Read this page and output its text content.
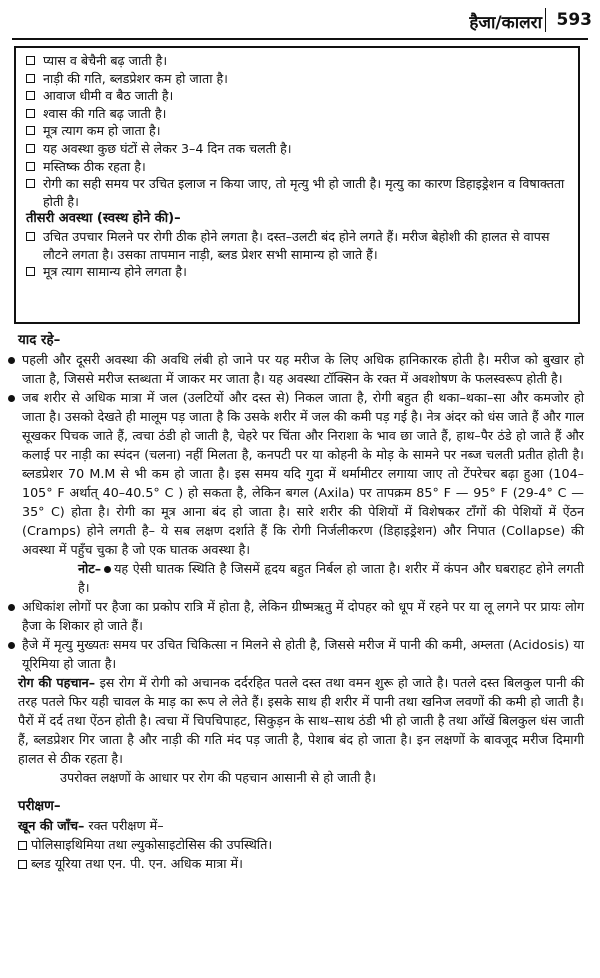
हैजा/कालरा 593
प्यास व बेचैनी बढ़ जाती है।
नाड़ी की गति, ब्लडप्रेशर कम हो जाता है।
आवाज धीमी व बैठ जाती है।
श्वास की गति बढ़ जाती है।
मूत्र त्याग कम हो जाता है।
यह अवस्था कुछ घंटों से लेकर 3–4 दिन तक चलती है।
मस्तिष्क ठीक रहता है।
रोगी का सही समय पर उचित इलाज न किया जाए, तो मृत्यु भी हो जाती है। मृत्यु का कारण डिहाइड्रेशन व विषाक्तता होती है।
तीसरी अवस्था (स्वस्थ होने की)–
उचित उपचार मिलने पर रोगी ठीक होने लगता है। दस्त–उलटी बंद होने लगते हैं। मरीज बेहोशी की हालत से वापस लौटने लगता है। उसका तापमान नाड़ी, ब्लड प्रेशर सभी सामान्य हो जाते हैं।
मूत्र त्याग सामान्य होने लगता है।
याद रहे–
पहली और दूसरी अवस्था की अवधि लंबी हो जाने पर यह मरीज के लिए अधिक हानिकारक होती है। मरीज को बुखार हो जाता है, जिससे मरीज स्तब्धता में जाकर मर जाता है। यह अवस्था टॉक्सिन के रक्त में अवशोषण के फलस्वरूप होती है।
जब शरीर से अधिक मात्रा में जल (उलटियों और दस्त से) निकल जाता है, रोगी बहुत ही थका–थका–सा और कमजोर हो जाता है। उसको देखते ही मालूम पड़ जाता है कि उसके शरीर में जल की कमी पड़ गई है। नेत्र अंदर को धंस जाते हैं और गाल सूखकर पिचक जाते हैं, त्वचा ठंडी हो जाती है, चेहरे पर चिंता और निराशा के भाव छा जाते हैं, हाथ–पैर ठंडे हो जाते हैं और कलाई पर नाड़ी का स्पंदन (चलना) नहीं मिलता है, कनपटी पर या कोहनी के मोड़ के सामने पर नब्ज चलती प्रतीत होती है। ब्लडप्रेशर 70 M.M से भी कम हो जाता है। इस समय यदि गुदा में थर्मामीटर लगाया जाए तो टेंपरेचर बढ़ा हुआ (104–105° F अर्थात् 40–40.5° C ) हो सकता है, लेकिन बगल (Axila) पर तापक्रम 85° F — 95° F (29-4° C — 35° C) होता है। रोगी का मूत्र आना बंद हो जाता है। सारे शरीर की पेशियों में विशेषकर टाँगों की पेशियों में ऐंठन (Cramps) होने लगती है– ये सब लक्षण दर्शाते हैं कि रोगी निर्जलीकरण (डिहाइड्रेशन) और निपात (Collapse) की अवस्था में पहुँच चुका है जो एक घातक अवस्था है।
नोट– यह ऐसी घातक स्थिति है जिसमें हृदय बहुत निर्बल हो जाता है। शरीर में कंपन और घबराहट होने लगती है।
अधिकांश लोगों पर हैजा का प्रकोप रात्रि में होता है, लेकिन ग्रीष्मऋतु में दोपहर को धूप में रहने पर या लू लगने पर प्रायः लोग हैजा के शिकार हो जाते हैं।
हैजे में मृत्यु मुख्यतः समय पर उचित चिकित्सा न मिलने से होती है, जिससे मरीज में पानी की कमी, अम्लता (Acidosis) या यूरिमिया हो जाता है।
रोग की पहचान– इस रोग में रोगी को अचानक दर्दरहित पतले दस्त तथा वमन शुरू हो जाते है। पतले दस्त बिलकुल पानी की तरह पतले फिर यही चावल के माड़ का रूप ले लेते हैं। इसके साथ ही शरीर में पानी तथा खनिज लवणों की कमी हो जाती है। पैरों में दर्द तथा ऐंठन होती है। त्वचा में चिपचिपाहट, सिकुड़न के साथ–साथ ठंडी भी हो जाती है तथा आँखें बिलकुल धंस जाती हैं, ब्लडप्रेशर गिर जाता है और नाड़ी की गति मंद पड़ जाती है, पेशाब बंद हो जाता है। इन लक्षणों के बावजूद मरीज दिमागी हालत से ठीक रहता है।
उपरोक्त लक्षणों के आधार पर रोग की पहचान आसानी से हो जाती है।
परीक्षण–
खून की जाँच– रक्त परीक्षण में–
पोलिसाइथिमिया तथा ल्युकोसाइटोसिस की उपस्थिति।
ब्लड यूरिया तथा एन. पी. एन. अधिक मात्रा में।
